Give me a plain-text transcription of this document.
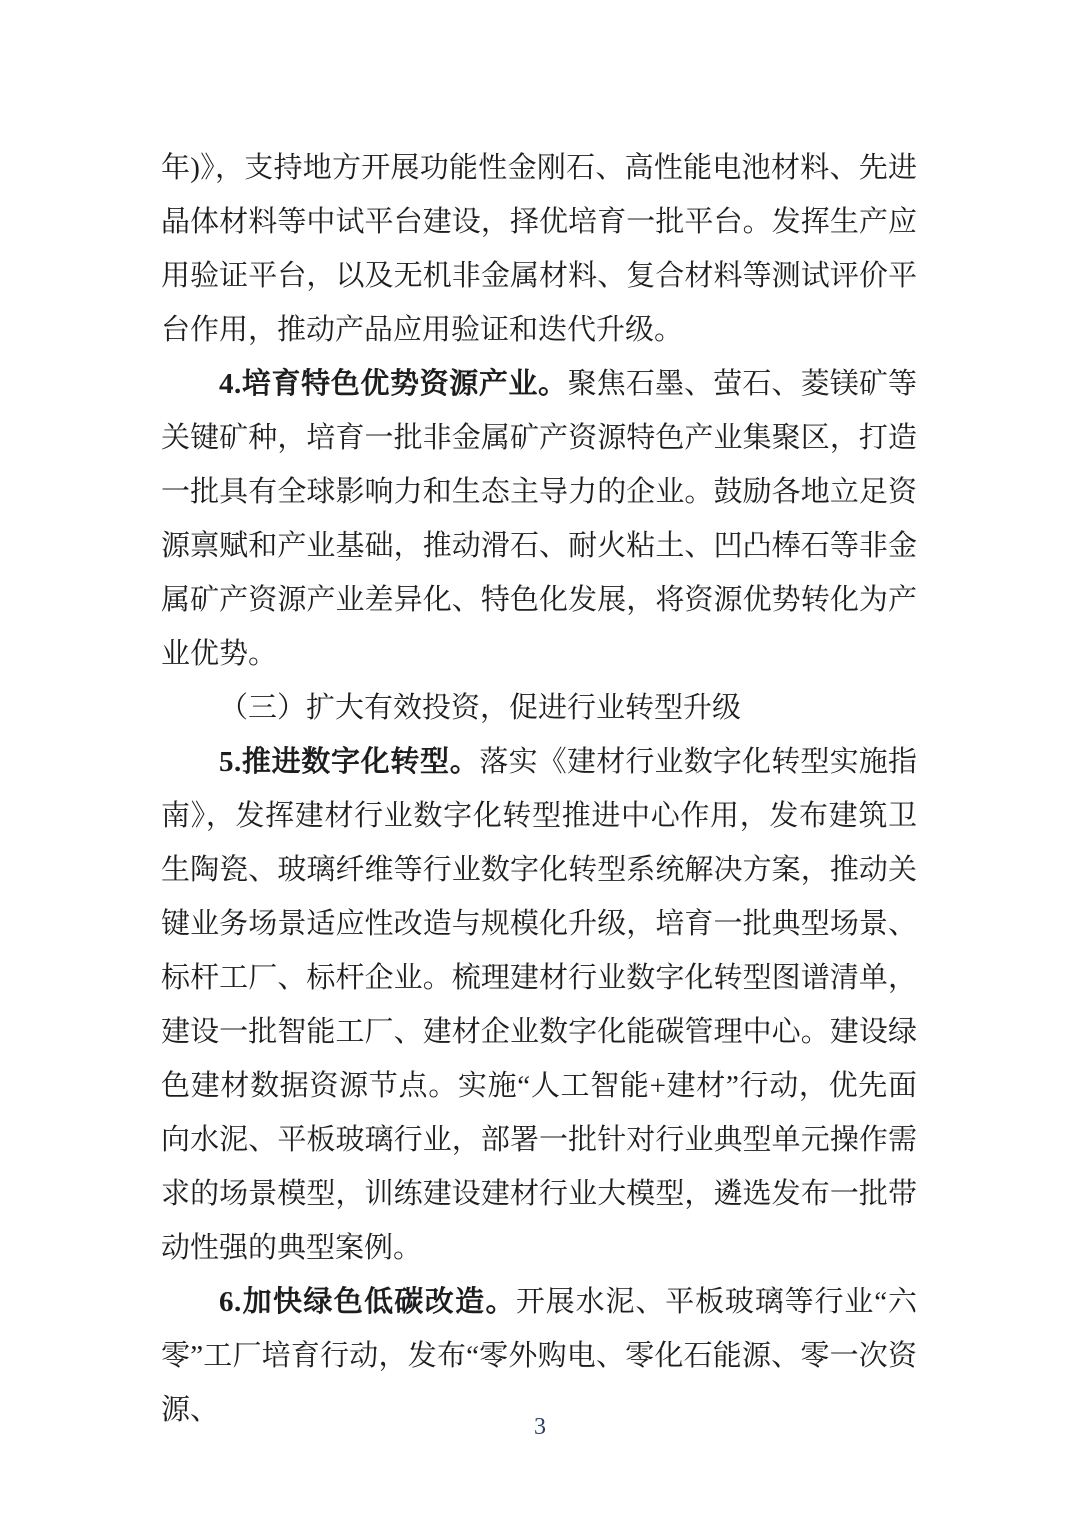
年)》，支持地方开展功能性金刚石、高性能电池材料、先进晶体材料等中试平台建设，择优培育一批平台。发挥生产应用验证平台，以及无机非金属材料、复合材料等测试评价平台作用，推动产品应用验证和迭代升级。

4.培育特色优势资源产业。聚焦石墨、萤石、菱镁矿等关键矿种，培育一批非金属矿产资源特色产业集聚区，打造一批具有全球影响力和生态主导力的企业。鼓励各地立足资源禀赋和产业基础，推动滑石、耐火粘土、凹凸棒石等非金属矿产资源产业差异化、特色化发展，将资源优势转化为产业优势。

（三）扩大有效投资，促进行业转型升级

5.推进数字化转型。落实《建材行业数字化转型实施指南》，发挥建材行业数字化转型推进中心作用，发布建筑卫生陶瓷、玻璃纤维等行业数字化转型系统解决方案，推动关键业务场景适应性改造与规模化升级，培育一批典型场景、标杆工厂、标杆企业。梳理建材行业数字化转型图谱清单，建设一批智能工厂、建材企业数字化能碳管理中心。建设绿色建材数据资源节点。实施“人工智能+建材”行动，优先面向水泥、平板玻璃行业，部署一批针对行业典型单元操作需求的场景模型，训练建设建材行业大模型，遴选发布一批带动性强的典型案例。

6.加快绿色低碳改造。开展水泥、平板玻璃等行业“六零”工厂培育行动，发布“零外购电、零化石能源、零一次资源、

3
